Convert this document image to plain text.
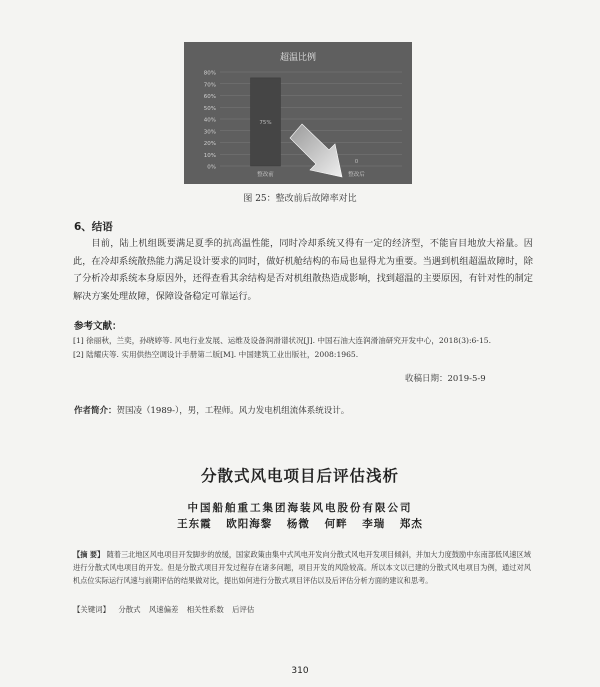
超温比例
80%
70%
60%
50%
40%
30%
20%
10%
0%
75%
0
整改前	整改后
图 25：整改前后故障率对比
6、结语

目前，陆上机组既要满足夏季的抗高温性能，同时冷却系统又得有一定的经济型，不能盲目地放大裕量。因此，在冷却系统散热能力满足设计要求的同时，做好机舱结构的布局也显得尤为重要。当遇到机组超温故障时，除了分析冷却系统本身原因外，还得查看其余结构是否对机组散热造成影响，找到超温的主要原因，有针对性的制定解决方案处理故障，保障设备稳定可靠运行。

参考文献：

[1] 徐丽秋，兰奕，孙晓婷等. 风电行业发展、运维及设备润滑谱状况[J]. 中国石油大连润滑油研究开发中心，2018(3):6-15.

[2] 陆耀庆等. 实用供热空调设计手册第二版[M]. 中国建筑工业出版社，2008:1965.

收稿日期：2019-5-9
作者简介：贺国凌（1989-），男，工程师。风力发电机组流体系统设计。
分散式风电项目后评估浅析
中国船舶重工集团海装风电股份有限公司
王东霞 欧阳海黎 杨微 何畔 李瑞 郑杰
【摘 要】 随着三北地区风电项目开发脚步的放缓，国家政策由集中式风电开发向分散式风电开发项目倾斜，并加大力度鼓励中东南部低风速区域进行分散式风电项目的开发。但是分散式项目开发过程存在诸多问题，项目开发的风险较高。所以本文以已建的分散式风电项目为例，通过对风机点位实际运行风速与前期评估的结果做对比，提出如何进行分散式项目评估以及后评估分析方面的建议和思考。
【关键词】 分散式 风速偏差 相关性系数 后评估
310
